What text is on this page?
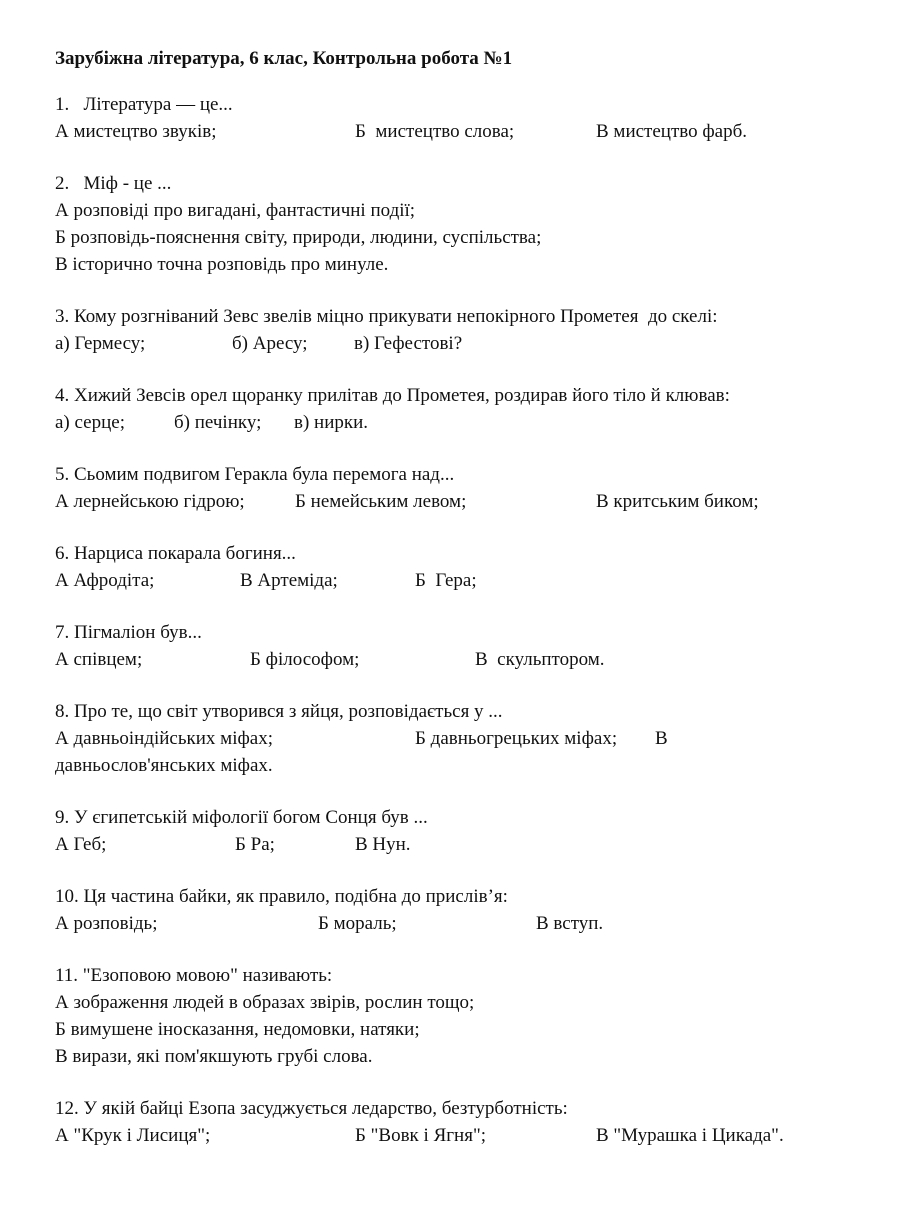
Зарубіжна література, 6 клас, Контрольна робота №1
1.   Література — це...
А мистецтво звуків;	Б  мистецтво слова;	В мистецтво фарб.
2.   Міф - це ...
А розповіді про вигадані, фантастичні події;
Б розповідь-пояснення світу, природи, людини, суспільства;
В історично точна розповідь про минуле.
3. Кому розгніваний Зевс звелів міцно прикувати непокірного Прометея  до скелі:
а) Гермесу;	б) Аресу; в) Гефестові?
4. Хижий Зевсів орел щоранку прилітав до Прометея, роздирав його тіло й клював:
а) серце;	б) печінку; в) нирки.
5. Сьомим подвигом Геракла була перемога над...
А лернейською гідрою;	Б немейським левом;	В критським биком;
6. Нарциса покарала богиня...
А Афродіта;	В Артеміда;	Б  Гера;
7. Пігмаліон був...
А співцем;	Б філософом;	В  скульптором.
8. Про те, що світ утворився з яйця, розповідається у ...
А давньоіндійських міфах;	Б давньогрецьких міфах; В
давньослов'янських міфах.
9. У єгипетській міфології богом Сонця був ...
А Геб;	Б Ра;	В Нун.
10. Ця частина байки, як правило, подібна до прислів’я:
А розповідь;	Б мораль;	В вступ.
11. "Езоповою мовою" називають:
А зображення людей в образах звірів, рослин тощо;
Б вимушене іносказання, недомовки, натяки;
В вирази, які пом'якшують грубі слова.
12. У якій байці Езопа засуджується ледарство, безтурботність:
А "Крук і Лисиця";	Б "Вовк і Ягня";	В "Мурашка і Цикада".
